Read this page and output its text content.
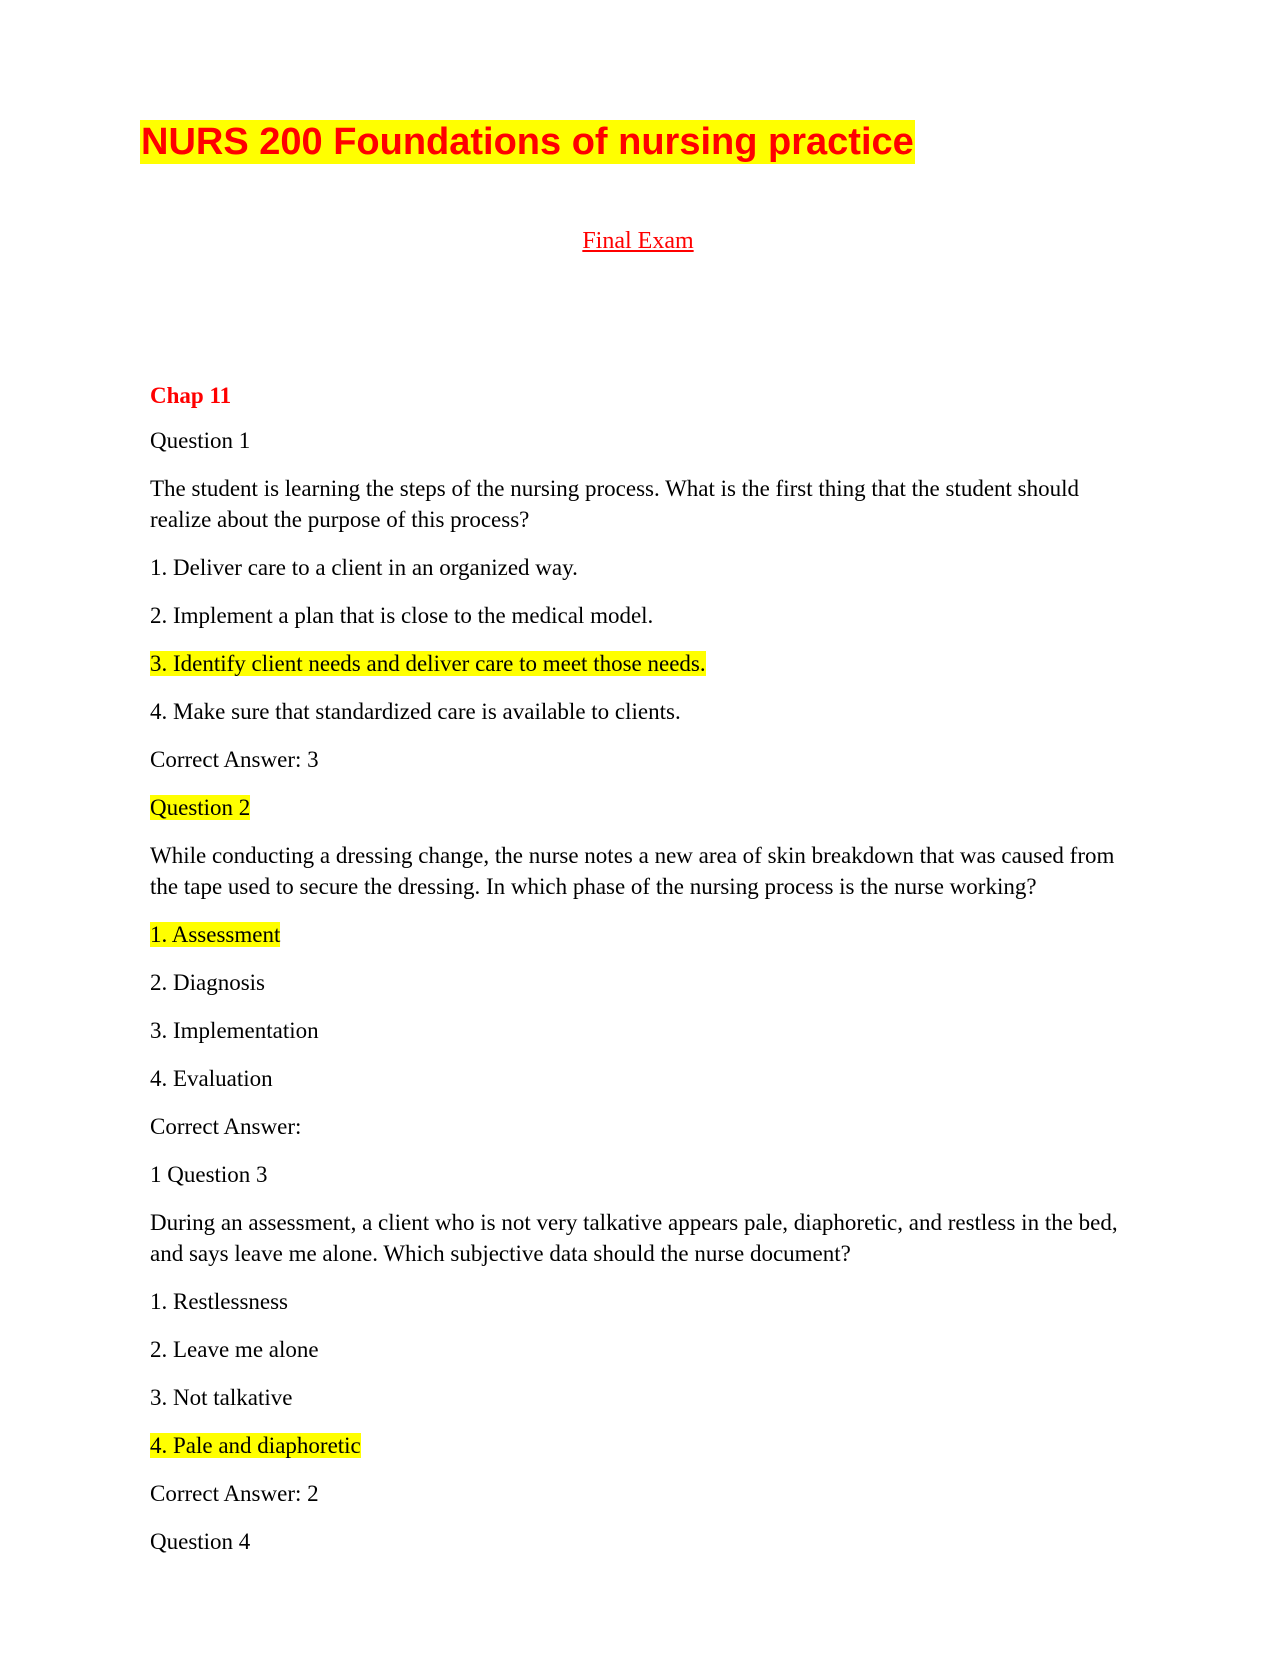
NURS 200 Foundations of nursing practice
Final Exam

Chap 11

Question 1

The student is learning the steps of the nursing process. What is the first thing that the student should realize about the purpose of this process?

1. Deliver care to a client in an organized way.

2. Implement a plan that is close to the medical model.

3. Identify client needs and deliver care to meet those needs.

4. Make sure that standardized care is available to clients.

Correct Answer: 3

Question 2

While conducting a dressing change, the nurse notes a new area of skin breakdown that was caused from the tape used to secure the dressing. In which phase of the nursing process is the nurse working?

1. Assessment

2. Diagnosis

3. Implementation

4. Evaluation

Correct Answer:

1 Question 3

During an assessment, a client who is not very talkative appears pale, diaphoretic, and restless in the bed, and says leave me alone. Which subjective data should the nurse document?

1. Restlessness

2. Leave me alone

3. Not talkative

4. Pale and diaphoretic

Correct Answer: 2

Question 4
